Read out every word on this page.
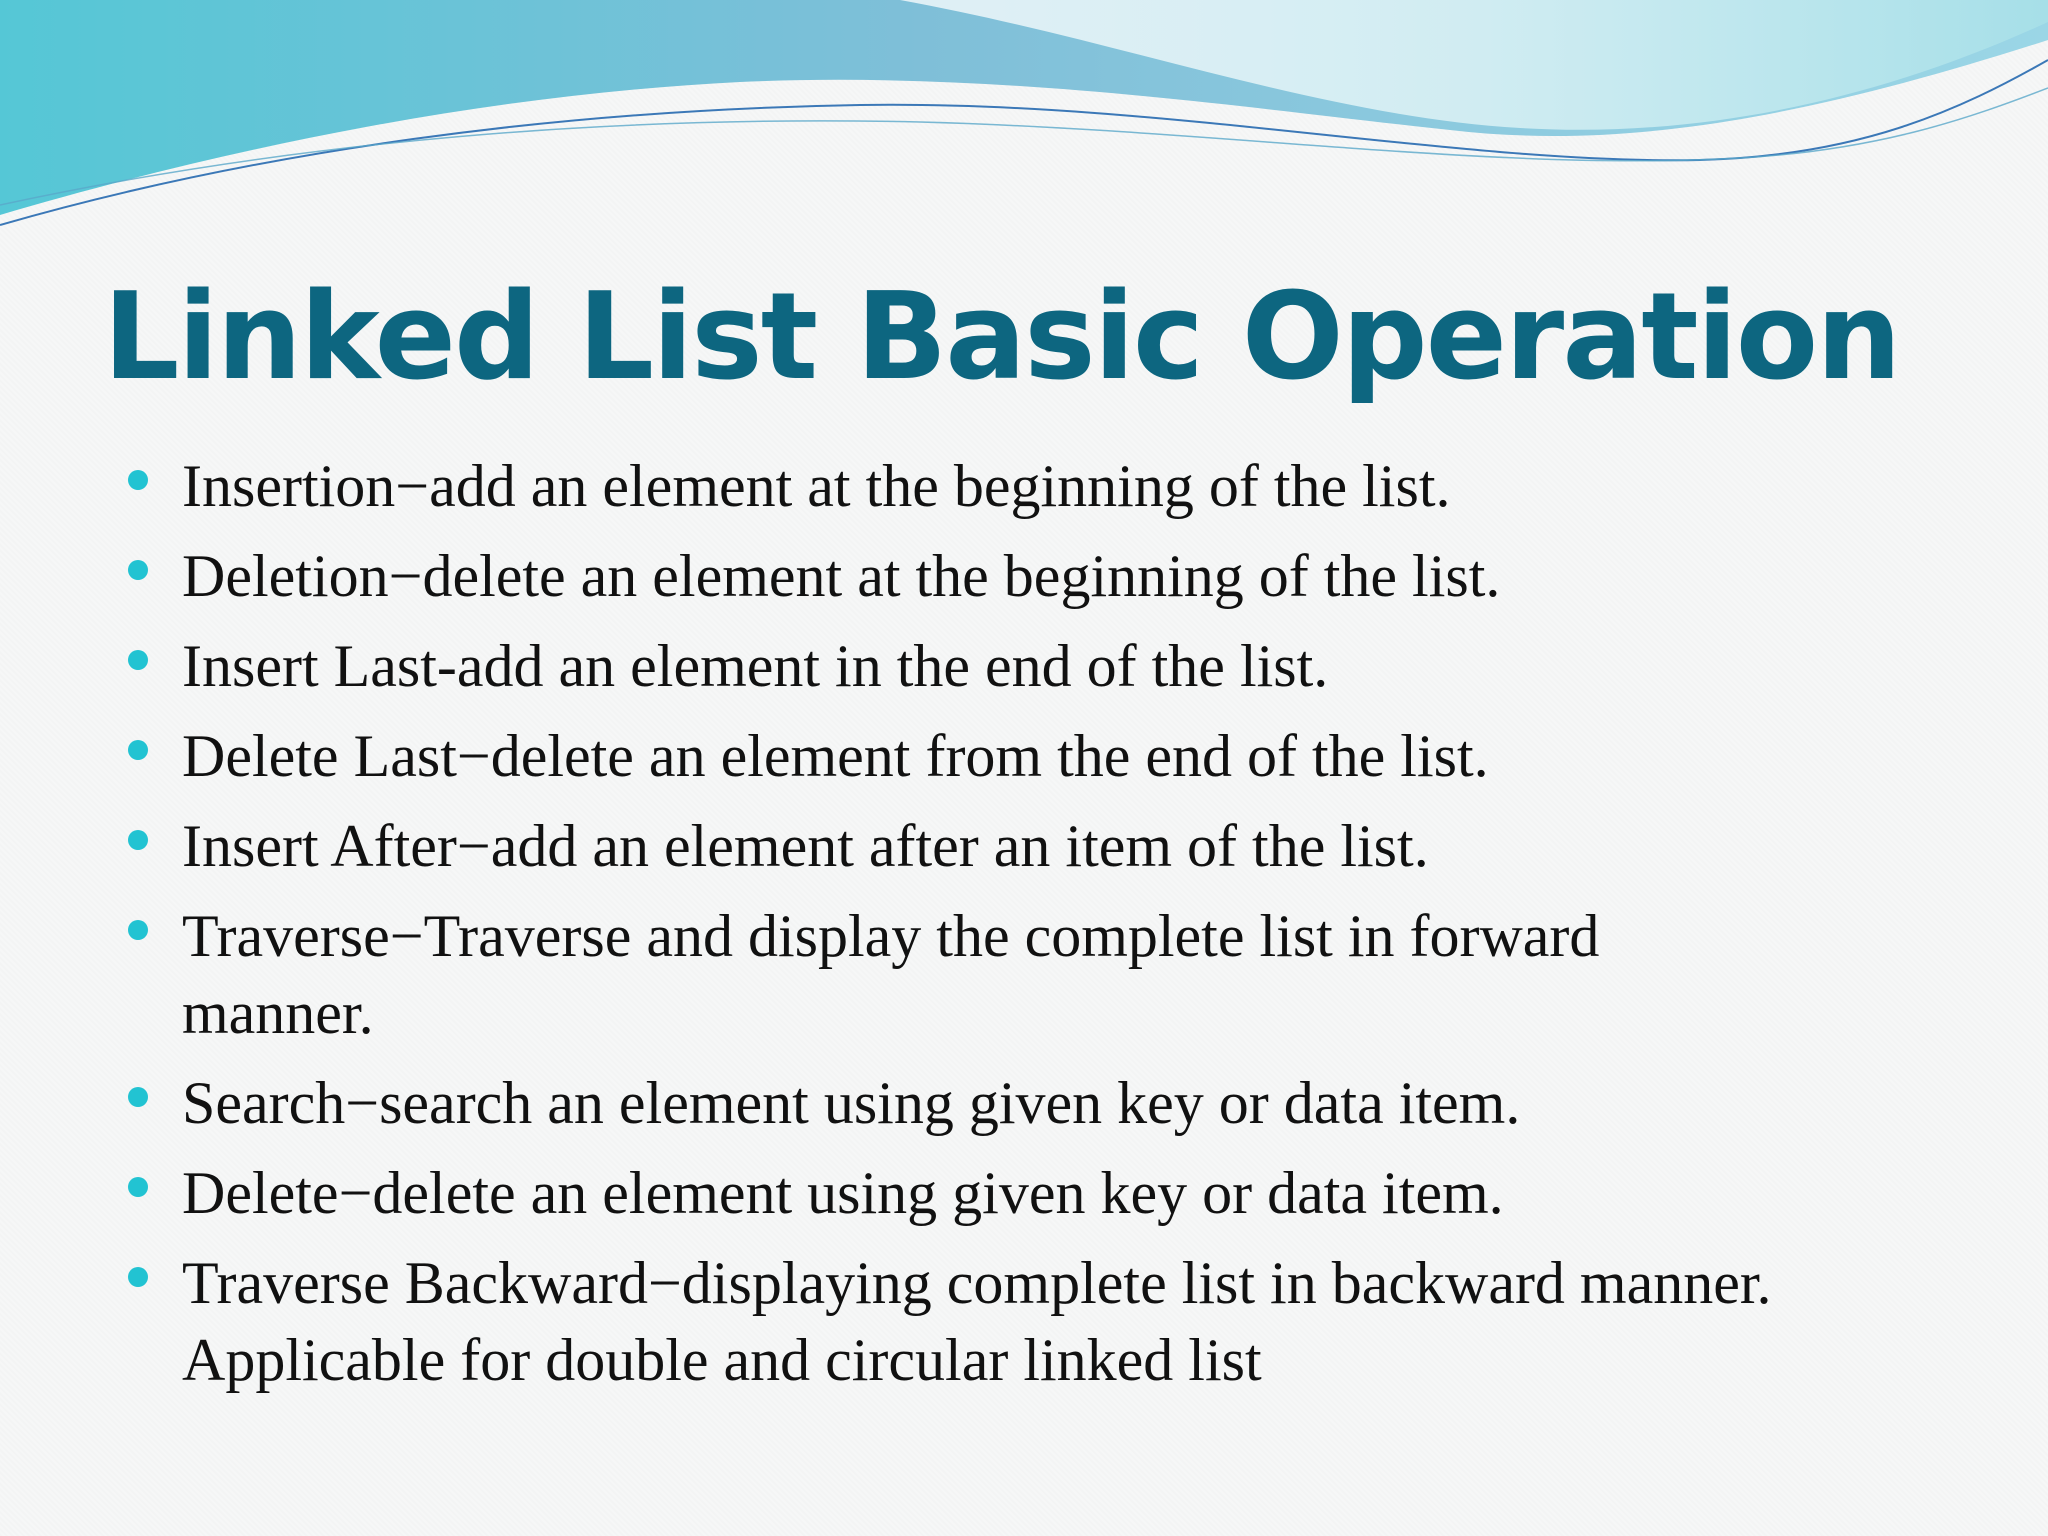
Linked List Basic Operation
Insertion−add an element at the beginning of the list.
Deletion−delete an element at the beginning of the list.
Insert Last-add an element in the end of the list.
Delete Last−delete an element from the end of the list.
Insert After−add an element after an item of the list.
Traverse−Traverse and display the complete list in forward manner.
Search−search an element using given key or data item.
Delete−delete an element using given key or data item.
Traverse Backward−displaying complete list in backward manner. Applicable for double and circular linked list
